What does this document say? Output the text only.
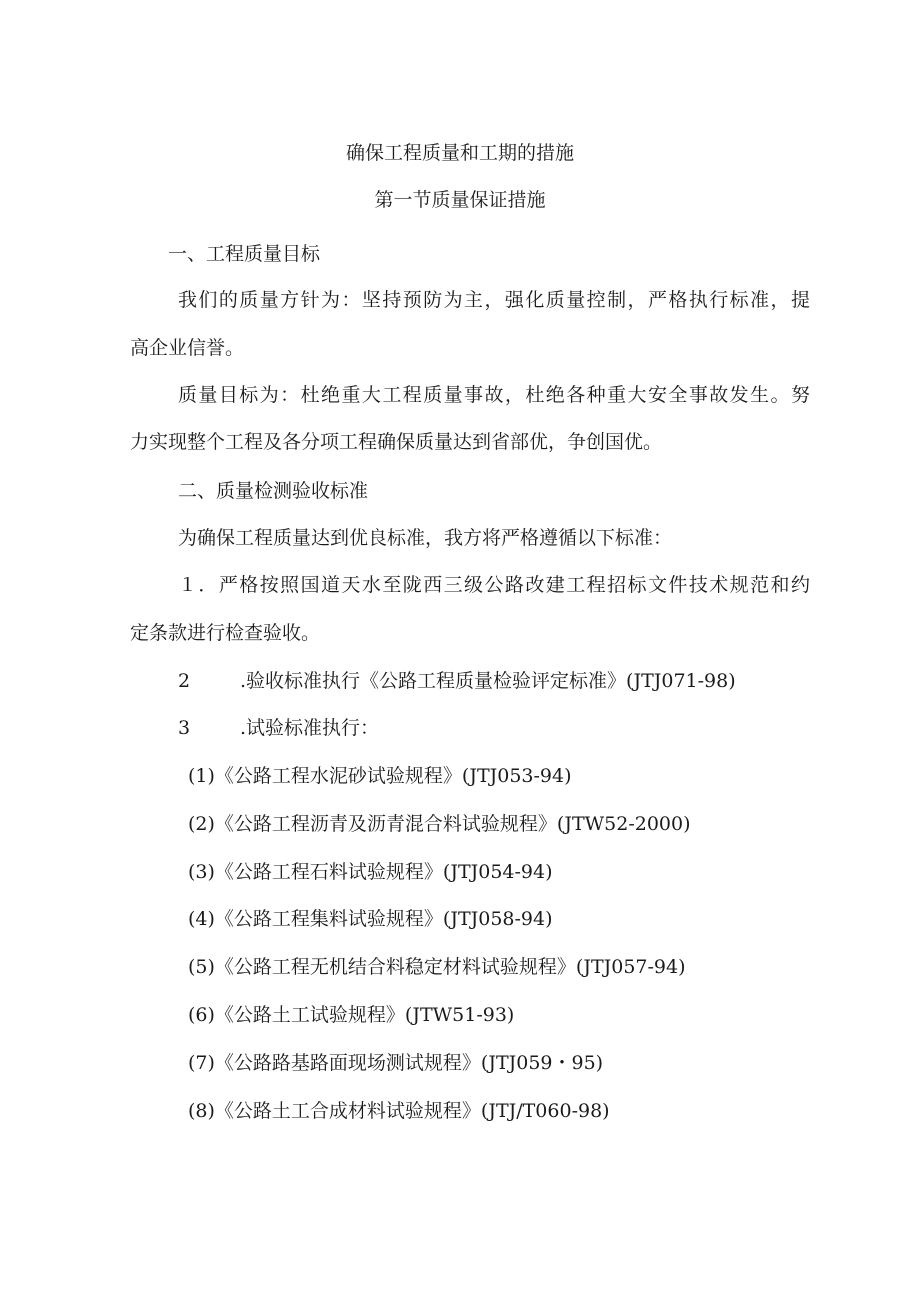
确保工程质量和工期的措施
第一节质量保证措施
一、工程质量目标
我们的质量方针为：坚持预防为主，强化质量控制，严格执行标准，提
高企业信誉。
质量目标为：杜绝重大工程质量事故，杜绝各种重大安全事故发生。努
力实现整个工程及各分项工程确保质量达到省部优，争创国优。
二、质量检测验收标准
为确保工程质量达到优良标准，我方将严格遵循以下标准：
１．严格按照国道天水至陇西三级公路改建工程招标文件技术规范和约
定条款进行检查验收。
2	.验收标准执行《公路工程质量检验评定标准》(JTJ071-98)
3	.试验标准执行：
(1)《公路工程水泥砂试验规程》(JTJ053-94)
(2)《公路工程沥青及沥青混合料试验规程》(JTW52-2000)
(3)《公路工程石料试验规程》(JTJ054-94)
(4)《公路工程集料试验规程》(JTJ058-94)
(5)《公路工程无机结合料稳定材料试验规程》(JTJ057-94)
(6)《公路土工试验规程》(JTW51-93)
(7)《公路路基路面现场测试规程》(JTJ059・95)
(8)《公路土工合成材料试验规程》(JTJ/T060-98)
